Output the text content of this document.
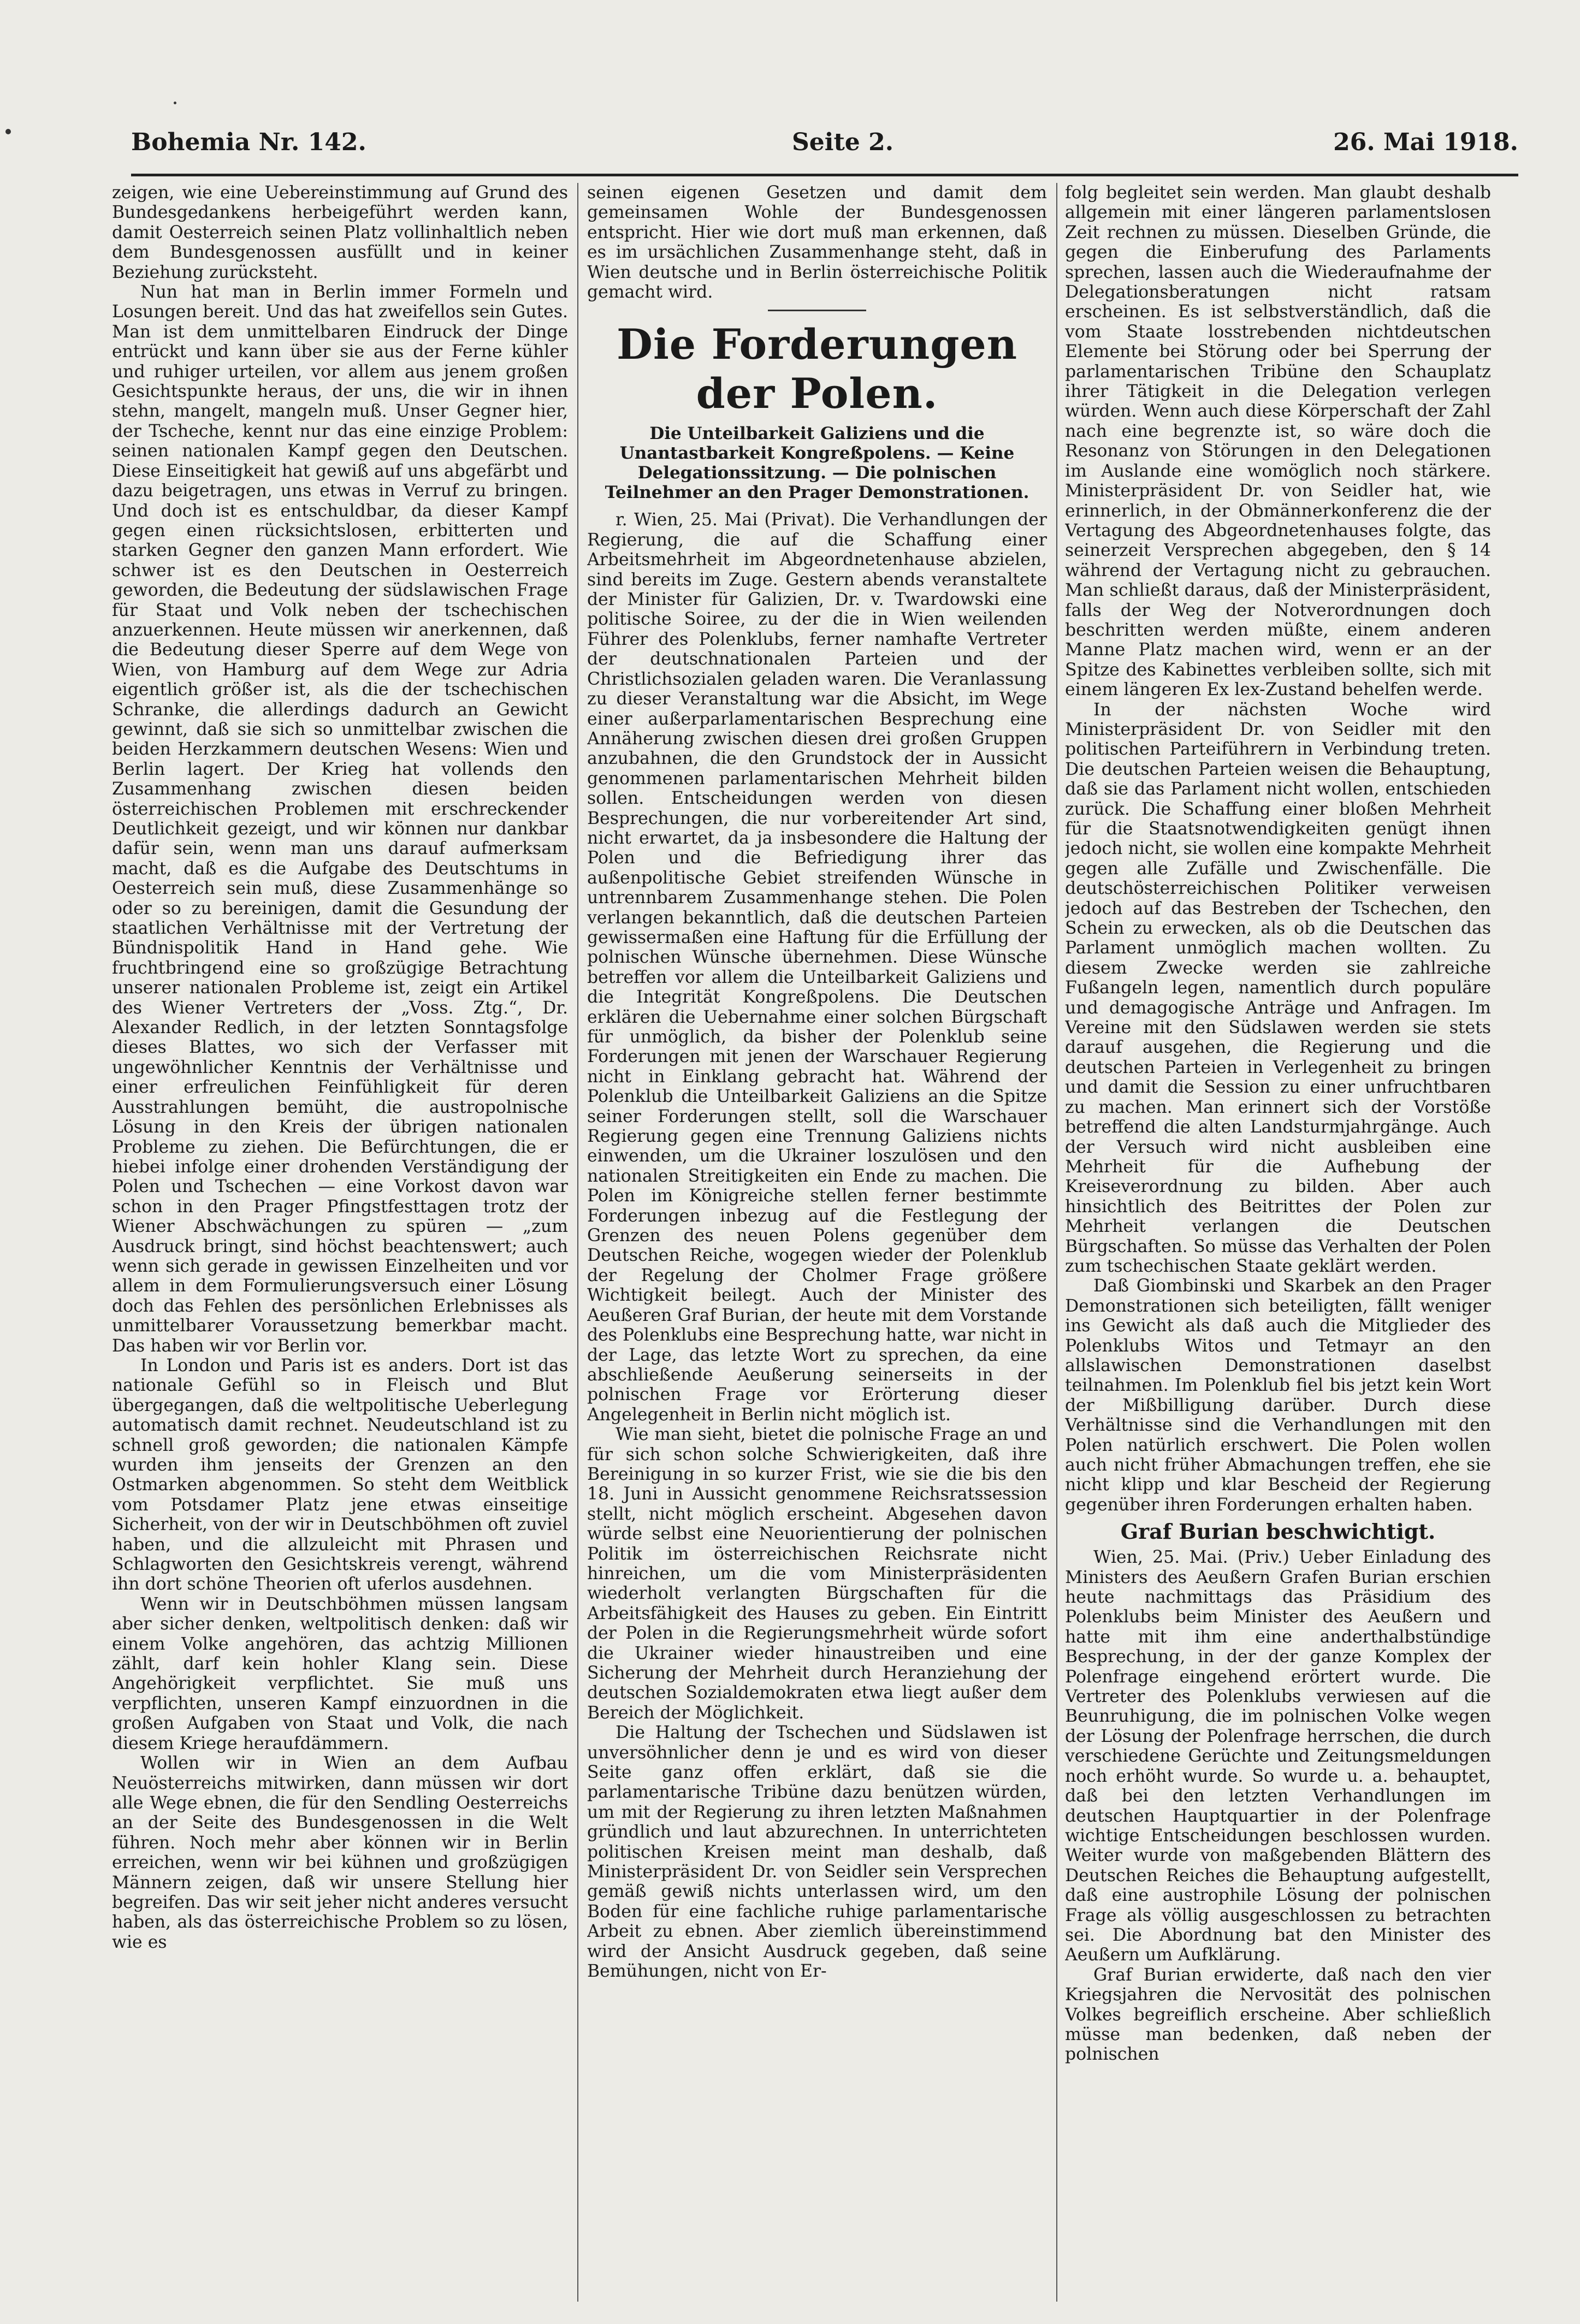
Bohemia Nr. 142.	Seite 2.	26. Mai 1918.

zeigen, wie eine Uebereinstimmung auf Grund des Bundesgedankens herbeigeführt werden kann, damit Oesterreich seinen Platz vollinhaltlich neben dem Bundesgenossen ausfüllt und in keiner Beziehung zurücksteht.

Nun hat man in Berlin immer Formeln und Losungen bereit. Und das hat zweifellos sein Gutes. Man ist dem unmittelbaren Eindruck der Dinge entrückt und kann über sie aus der Ferne kühler und ruhiger urteilen, vor allem aus jenem großen Gesichtspunkte heraus, der uns, die wir in ihnen stehn, mangelt, mangeln muß. Unser Gegner hier, der Tscheche, kennt nur das eine einzige Problem: seinen nationalen Kampf gegen den Deutschen. Diese Einseitigkeit hat gewiß auf uns abgefärbt und dazu beigetragen, uns etwas in Verruf zu bringen. Und doch ist es entschuldbar, da dieser Kampf gegen einen rücksichtslosen, erbitterten und starken Gegner den ganzen Mann erfordert. Wie schwer ist es den Deutschen in Oesterreich geworden, die Bedeutung der südslawischen Frage für Staat und Volk neben der tschechischen anzuerkennen. Heute müssen wir anerkennen, daß die Bedeutung dieser Sperre auf dem Wege von Wien, von Hamburg auf dem Wege zur Adria eigentlich größer ist, als die der tschechischen Schranke, die allerdings dadurch an Gewicht gewinnt, daß sie sich so unmittelbar zwischen die beiden Herzkammern deutschen Wesens: Wien und Berlin lagert. Der Krieg hat vollends den Zusammenhang zwischen diesen beiden österreichischen Problemen mit erschreckender Deutlichkeit gezeigt, und wir können nur dankbar dafür sein, wenn man uns darauf aufmerksam macht, daß es die Aufgabe des Deutschtums in Oesterreich sein muß, diese Zusammenhänge so oder so zu bereinigen, damit die Gesundung der staatlichen Verhältnisse mit der Vertretung der Bündnispolitik Hand in Hand gehe. Wie fruchtbringend eine so großzügige Betrachtung unserer nationalen Probleme ist, zeigt ein Artikel des Wiener Vertreters der „Voss. Ztg.“, Dr. Alexander Redlich, in der letzten Sonntagsfolge dieses Blattes, wo sich der Verfasser mit ungewöhnlicher Kenntnis der Verhältnisse und einer erfreulichen Feinfühligkeit für deren Ausstrahlungen bemüht, die austropolnische Lösung in den Kreis der übrigen nationalen Probleme zu ziehen. Die Befürchtungen, die er hiebei infolge einer drohenden Verständigung der Polen und Tschechen — eine Vorkost davon war schon in den Prager Pfingstfesttagen trotz der Wiener Abschwächungen zu spüren — „zum Ausdruck bringt, sind höchst beachtenswert; auch wenn sich gerade in gewissen Einzelheiten und vor allem in dem Formulierungsversuch einer Lösung doch das Fehlen des persönlichen Erlebnisses als unmittelbarer Voraussetzung bemerkbar macht. Das haben wir vor Berlin vor.

In London und Paris ist es anders. Dort ist das nationale Gefühl so in Fleisch und Blut übergegangen, daß die weltpolitische Ueberlegung automatisch damit rechnet. Neudeutschland ist zu schnell groß geworden; die nationalen Kämpfe wurden ihm jenseits der Grenzen an den Ostmarken abgenommen. So steht dem Weitblick vom Potsdamer Platz jene etwas einseitige Sicherheit, von der wir in Deutschböhmen oft zuviel haben, und die allzuleicht mit Phrasen und Schlagworten den Gesichtskreis verengt, während ihn dort schöne Theorien oft uferlos ausdehnen.

Wenn wir in Deutschböhmen müssen langsam aber sicher denken, weltpolitisch denken: daß wir einem Volke angehören, das achtzig Millionen zählt, darf kein hohler Klang sein. Diese Angehörigkeit verpflichtet. Sie muß uns verpflichten, unseren Kampf einzuordnen in die großen Aufgaben von Staat und Volk, die nach diesem Kriege heraufdämmern.

Wollen wir in Wien an dem Aufbau Neuösterreichs mitwirken, dann müssen wir dort alle Wege ebnen, die für den Sendling Oesterreichs an der Seite des Bundesgenossen in die Welt führen. Noch mehr aber können wir in Berlin erreichen, wenn wir bei kühnen und großzügigen Männern zeigen, daß wir unsere Stellung hier begreifen. Das wir seit jeher nicht anderes versucht haben, als das österreichische Problem so zu lösen, wie es

seinen eigenen Gesetzen und damit dem gemeinsamen Wohle der Bundesgenossen entspricht. Hier wie dort muß man erkennen, daß es im ursächlichen Zusammenhange steht, daß in Wien deutsche und in Berlin österreichische Politik gemacht wird.

Die Forderungen der Polen.
Die Unteilbarkeit Galiziens und die Unantastbarkeit Kongreßpolens. — Keine Delegationssitzung. — Die polnischen Teilnehmer an den Prager Demonstrationen.

r. Wien, 25. Mai (Privat). Die Verhandlungen der Regierung, die auf die Schaffung einer Arbeitsmehrheit im Abgeordnetenhause abzielen, sind bereits im Zuge. Gestern abends veranstaltete der Minister für Galizien, Dr. v. Twardowski eine politische Soiree, zu der die in Wien weilenden Führer des Polenklubs, ferner namhafte Vertreter der deutschnationalen Parteien und der Christlichsozialen geladen waren. Die Veranlassung zu dieser Veranstaltung war die Absicht, im Wege einer außerparlamentarischen Besprechung eine Annäherung zwischen diesen drei großen Gruppen anzubahnen, die den Grundstock der in Aussicht genommenen parlamentarischen Mehrheit bilden sollen. Entscheidungen werden von diesen Besprechungen, die nur vorbereitender Art sind, nicht erwartet, da ja insbesondere die Haltung der Polen und die Befriedigung ihrer das außenpolitische Gebiet streifenden Wünsche in untrennbarem Zusammenhange stehen. Die Polen verlangen bekanntlich, daß die deutschen Parteien gewissermaßen eine Haftung für die Erfüllung der polnischen Wünsche übernehmen. Diese Wünsche betreffen vor allem die Unteilbarkeit Galiziens und die Integrität Kongreßpolens. Die Deutschen erklären die Uebernahme einer solchen Bürgschaft für unmöglich, da bisher der Polenklub seine Forderungen mit jenen der Warschauer Regierung nicht in Einklang gebracht hat. Während der Polenklub die Unteilbarkeit Galiziens an die Spitze seiner Forderungen stellt, soll die Warschauer Regierung gegen eine Trennung Galiziens nichts einwenden, um die Ukrainer loszulösen und den nationalen Streitigkeiten ein Ende zu machen. Die Polen im Königreiche stellen ferner bestimmte Forderungen inbezug auf die Festlegung der Grenzen des neuen Polens gegenüber dem Deutschen Reiche, wogegen wieder der Polenklub der Regelung der Cholmer Frage größere Wichtigkeit beilegt. Auch der Minister des Aeußeren Graf Burian, der heute mit dem Vorstande des Polenklubs eine Besprechung hatte, war nicht in der Lage, das letzte Wort zu sprechen, da eine abschließende Aeußerung seinerseits in der polnischen Frage vor Erörterung dieser Angelegenheit in Berlin nicht möglich ist.

Wie man sieht, bietet die polnische Frage an und für sich schon solche Schwierigkeiten, daß ihre Bereinigung in so kurzer Frist, wie sie die bis den 18. Juni in Aussicht genommene Reichsratssession stellt, nicht möglich erscheint. Abgesehen davon würde selbst eine Neuorientierung der polnischen Politik im österreichischen Reichsrate nicht hinreichen, um die vom Ministerpräsidenten wiederholt verlangten Bürgschaften für die Arbeitsfähigkeit des Hauses zu geben. Ein Eintritt der Polen in die Regierungsmehrheit würde sofort die Ukrainer wieder hinaustreiben und eine Sicherung der Mehrheit durch Heranziehung der deutschen Sozialdemokraten etwa liegt außer dem Bereich der Möglichkeit.

Die Haltung der Tschechen und Südslawen ist unversöhnlicher denn je und es wird von dieser Seite ganz offen erklärt, daß sie die parlamentarische Tribüne dazu benützen würden, um mit der Regierung zu ihren letzten Maßnahmen gründlich und laut abzurechnen. In unterrichteten politischen Kreisen meint man deshalb, daß Ministerpräsident Dr. von Seidler sein Versprechen gemäß gewiß nichts unterlassen wird, um den Boden für eine fachliche ruhige parlamentarische Arbeit zu ebnen. Aber ziemlich übereinstimmend wird der Ansicht Ausdruck gegeben, daß seine Bemühungen, nicht von Er-

folg begleitet sein werden. Man glaubt deshalb allgemein mit einer längeren parlamentslosen Zeit rechnen zu müssen. Dieselben Gründe, die gegen die Einberufung des Parlaments sprechen, lassen auch die Wiederaufnahme der Delegationsberatungen nicht ratsam erscheinen. Es ist selbstverständlich, daß die vom Staate losstrebenden nichtdeutschen Elemente bei Störung oder bei Sperrung der parlamentarischen Tribüne den Schauplatz ihrer Tätigkeit in die Delegation verlegen würden. Wenn auch diese Körperschaft der Zahl nach eine begrenzte ist, so wäre doch die Resonanz von Störungen in den Delegationen im Auslande eine womöglich noch stärkere. Ministerpräsident Dr. von Seidler hat, wie erinnerlich, in der Obmännerkonferenz die der Vertagung des Abgeordnetenhauses folgte, das seinerzeit Versprechen abgegeben, den § 14 während der Vertagung nicht zu gebrauchen. Man schließt daraus, daß der Ministerpräsident, falls der Weg der Notverordnungen doch beschritten werden müßte, einem anderen Manne Platz machen wird, wenn er an der Spitze des Kabinettes verbleiben sollte, sich mit einem längeren Ex lex-Zustand behelfen werde.

In der nächsten Woche wird Ministerpräsident Dr. von Seidler mit den politischen Parteiführern in Verbindung treten. Die deutschen Parteien weisen die Behauptung, daß sie das Parlament nicht wollen, entschieden zurück. Die Schaffung einer bloßen Mehrheit für die Staatsnotwendigkeiten genügt ihnen jedoch nicht, sie wollen eine kompakte Mehrheit gegen alle Zufälle und Zwischenfälle. Die deutschösterreichischen Politiker verweisen jedoch auf das Bestreben der Tschechen, den Schein zu erwecken, als ob die Deutschen das Parlament unmöglich machen wollten. Zu diesem Zwecke werden sie zahlreiche Fußangeln legen, namentlich durch populäre und demagogische Anträge und Anfragen. Im Vereine mit den Südslawen werden sie stets darauf ausgehen, die Regierung und die deutschen Parteien in Verlegenheit zu bringen und damit die Session zu einer unfruchtbaren zu machen. Man erinnert sich der Vorstöße betreffend die alten Landsturmjahrgänge. Auch der Versuch wird nicht ausbleiben eine Mehrheit für die Aufhebung der Kreiseverordnung zu bilden. Aber auch hinsichtlich des Beitrittes der Polen zur Mehrheit verlangen die Deutschen Bürgschaften. So müsse das Verhalten der Polen zum tschechischen Staate geklärt werden.

Daß Giombinski und Skarbek an den Prager Demonstrationen sich beteiligten, fällt weniger ins Gewicht als daß auch die Mitglieder des Polenklubs Witos und Tetmayr an den allslawischen Demonstrationen daselbst teilnahmen. Im Polenklub fiel bis jetzt kein Wort der Mißbilligung darüber. Durch diese Verhältnisse sind die Verhandlungen mit den Polen natürlich erschwert. Die Polen wollen auch nicht früher Abmachungen treffen, ehe sie nicht klipp und klar Bescheid der Regierung gegenüber ihren Forderungen erhalten haben.

Graf Burian beschwichtigt.

Wien, 25. Mai. (Priv.) Ueber Einladung des Ministers des Aeußern Grafen Burian erschien heute nachmittags das Präsidium des Polenklubs beim Minister des Aeußern und hatte mit ihm eine anderthalbstündige Besprechung, in der der ganze Komplex der Polenfrage eingehend erörtert wurde. Die Vertreter des Polenklubs verwiesen auf die Beunruhigung, die im polnischen Volke wegen der Lösung der Polenfrage herrschen, die durch verschiedene Gerüchte und Zeitungsmeldungen noch erhöht wurde. So wurde u. a. behauptet, daß bei den letzten Verhandlungen im deutschen Hauptquartier in der Polenfrage wichtige Entscheidungen beschlossen wurden. Weiter wurde von maßgebenden Blättern des Deutschen Reiches die Behauptung aufgestellt, daß eine austrophile Lösung der polnischen Frage als völlig ausgeschlossen zu betrachten sei. Die Abordnung bat den Minister des Aeußern um Aufklärung.

Graf Burian erwiderte, daß nach den vier Kriegsjahren die Nervosität des polnischen Volkes begreiflich erscheine. Aber schließlich müsse man bedenken, daß neben der polnischen
